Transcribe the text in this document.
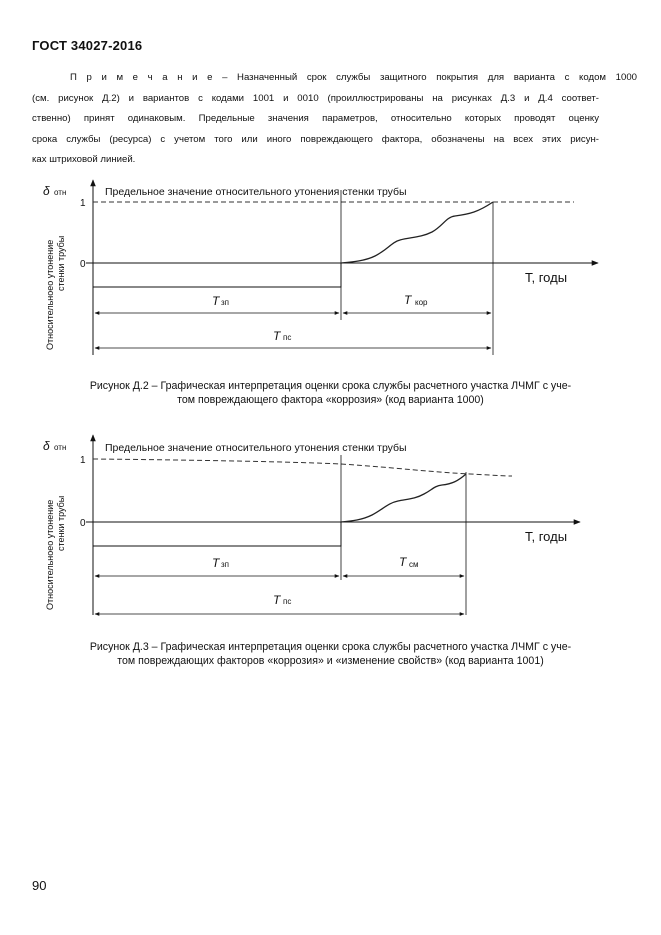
ГОСТ 34027-2016
П р и м е ч а н и е – Назначенный срок службы защитного покрытия для варианта с кодом 1000
(см. рисунок Д.2) и вариантов с кодами 1001 и 0010 (проиллюстрированы на рисунках Д.3 и Д.4 соответ-
ственно) принят одинаковым. Предельные значения параметров, относительно которых проводят оценку
срока службы (ресурса) с учетом того или иного повреждающего фактора, обозначены на всех этих рисун-
ках штриховой линией.
δ отн
1
0
Относительноео утонение стенки трубы
Предельное значение относительного утонения стенки трубы
T зп	T кор
T пс
T, годы
Рисунок Д.2 – Графическая интерпретация оценки срока службы расчетного участка ЛЧМГ с уче-
том повреждающего фактора «коррозия» (код варианта 1000)
δ отн
1
0
Относительноео утонение стенки трубы
Предельное значение относительного утонения стенки трубы
T зп	T см
T пс
T, годы
Рисунок Д.3 – Графическая интерпретация оценки срока службы расчетного участка ЛЧМГ с уче-
том повреждающих факторов «коррозия» и «изменение свойств» (код варианта 1001)
90
